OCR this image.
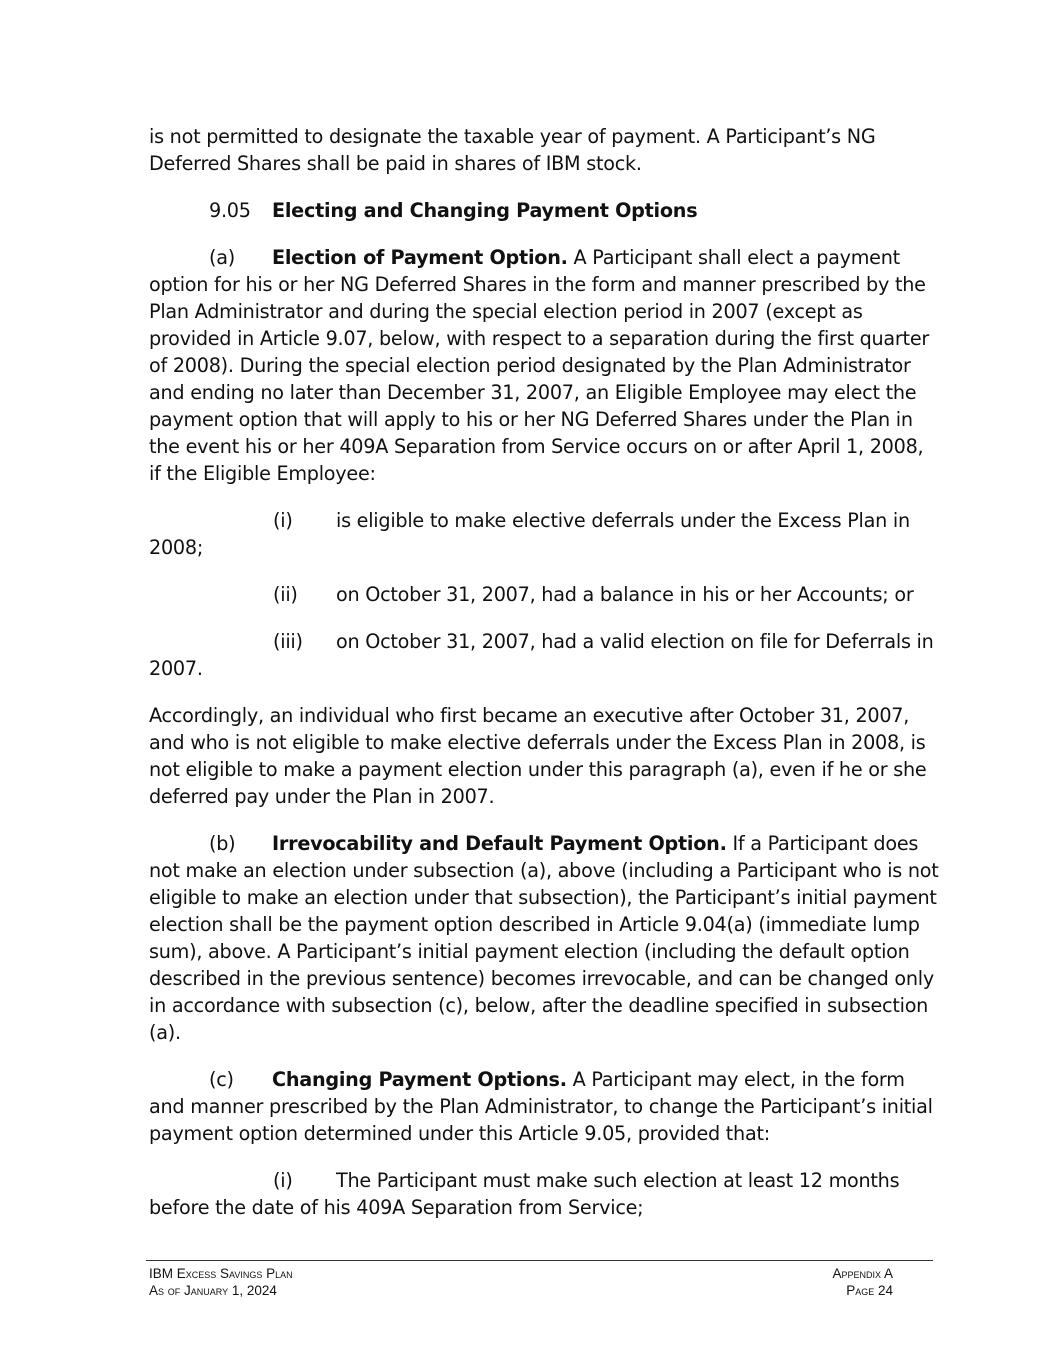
is not permitted to designate the taxable year of payment. A Participant’s NG Deferred Shares shall be paid in shares of IBM stock.

9.05 Electing and Changing Payment Options

(a) Election of Payment Option. A Participant shall elect a payment option for his or her NG Deferred Shares in the form and manner prescribed by the Plan Administrator and during the special election period in 2007 (except as provided in Article 9.07, below, with respect to a separation during the first quarter of 2008). During the special election period designated by the Plan Administrator and ending no later than December 31, 2007, an Eligible Employee may elect the payment option that will apply to his or her NG Deferred Shares under the Plan in the event his or her 409A Separation from Service occurs on or after April 1, 2008, if the Eligible Employee:

(i) is eligible to make elective deferrals under the Excess Plan in 2008;

(ii) on October 31, 2007, had a balance in his or her Accounts; or

(iii) on October 31, 2007, had a valid election on file for Deferrals in 2007.

Accordingly, an individual who first became an executive after October 31, 2007, and who is not eligible to make elective deferrals under the Excess Plan in 2008, is not eligible to make a payment election under this paragraph (a), even if he or she deferred pay under the Plan in 2007.

(b) Irrevocability and Default Payment Option. If a Participant does not make an election under subsection (a), above (including a Participant who is not eligible to make an election under that subsection), the Participant’s initial payment election shall be the payment option described in Article 9.04(a) (immediate lump sum), above. A Participant’s initial payment election (including the default option described in the previous sentence) becomes irrevocable, and can be changed only in accordance with subsection (c), below, after the deadline specified in subsection (a).

(c) Changing Payment Options. A Participant may elect, in the form and manner prescribed by the Plan Administrator, to change the Participant’s initial payment option determined under this Article 9.05, provided that:

(i) The Participant must make such election at least 12 months before the date of his 409A Separation from Service;

IBM Excess Savings Plan	Appendix A
As of January 1, 2024	Page 24
